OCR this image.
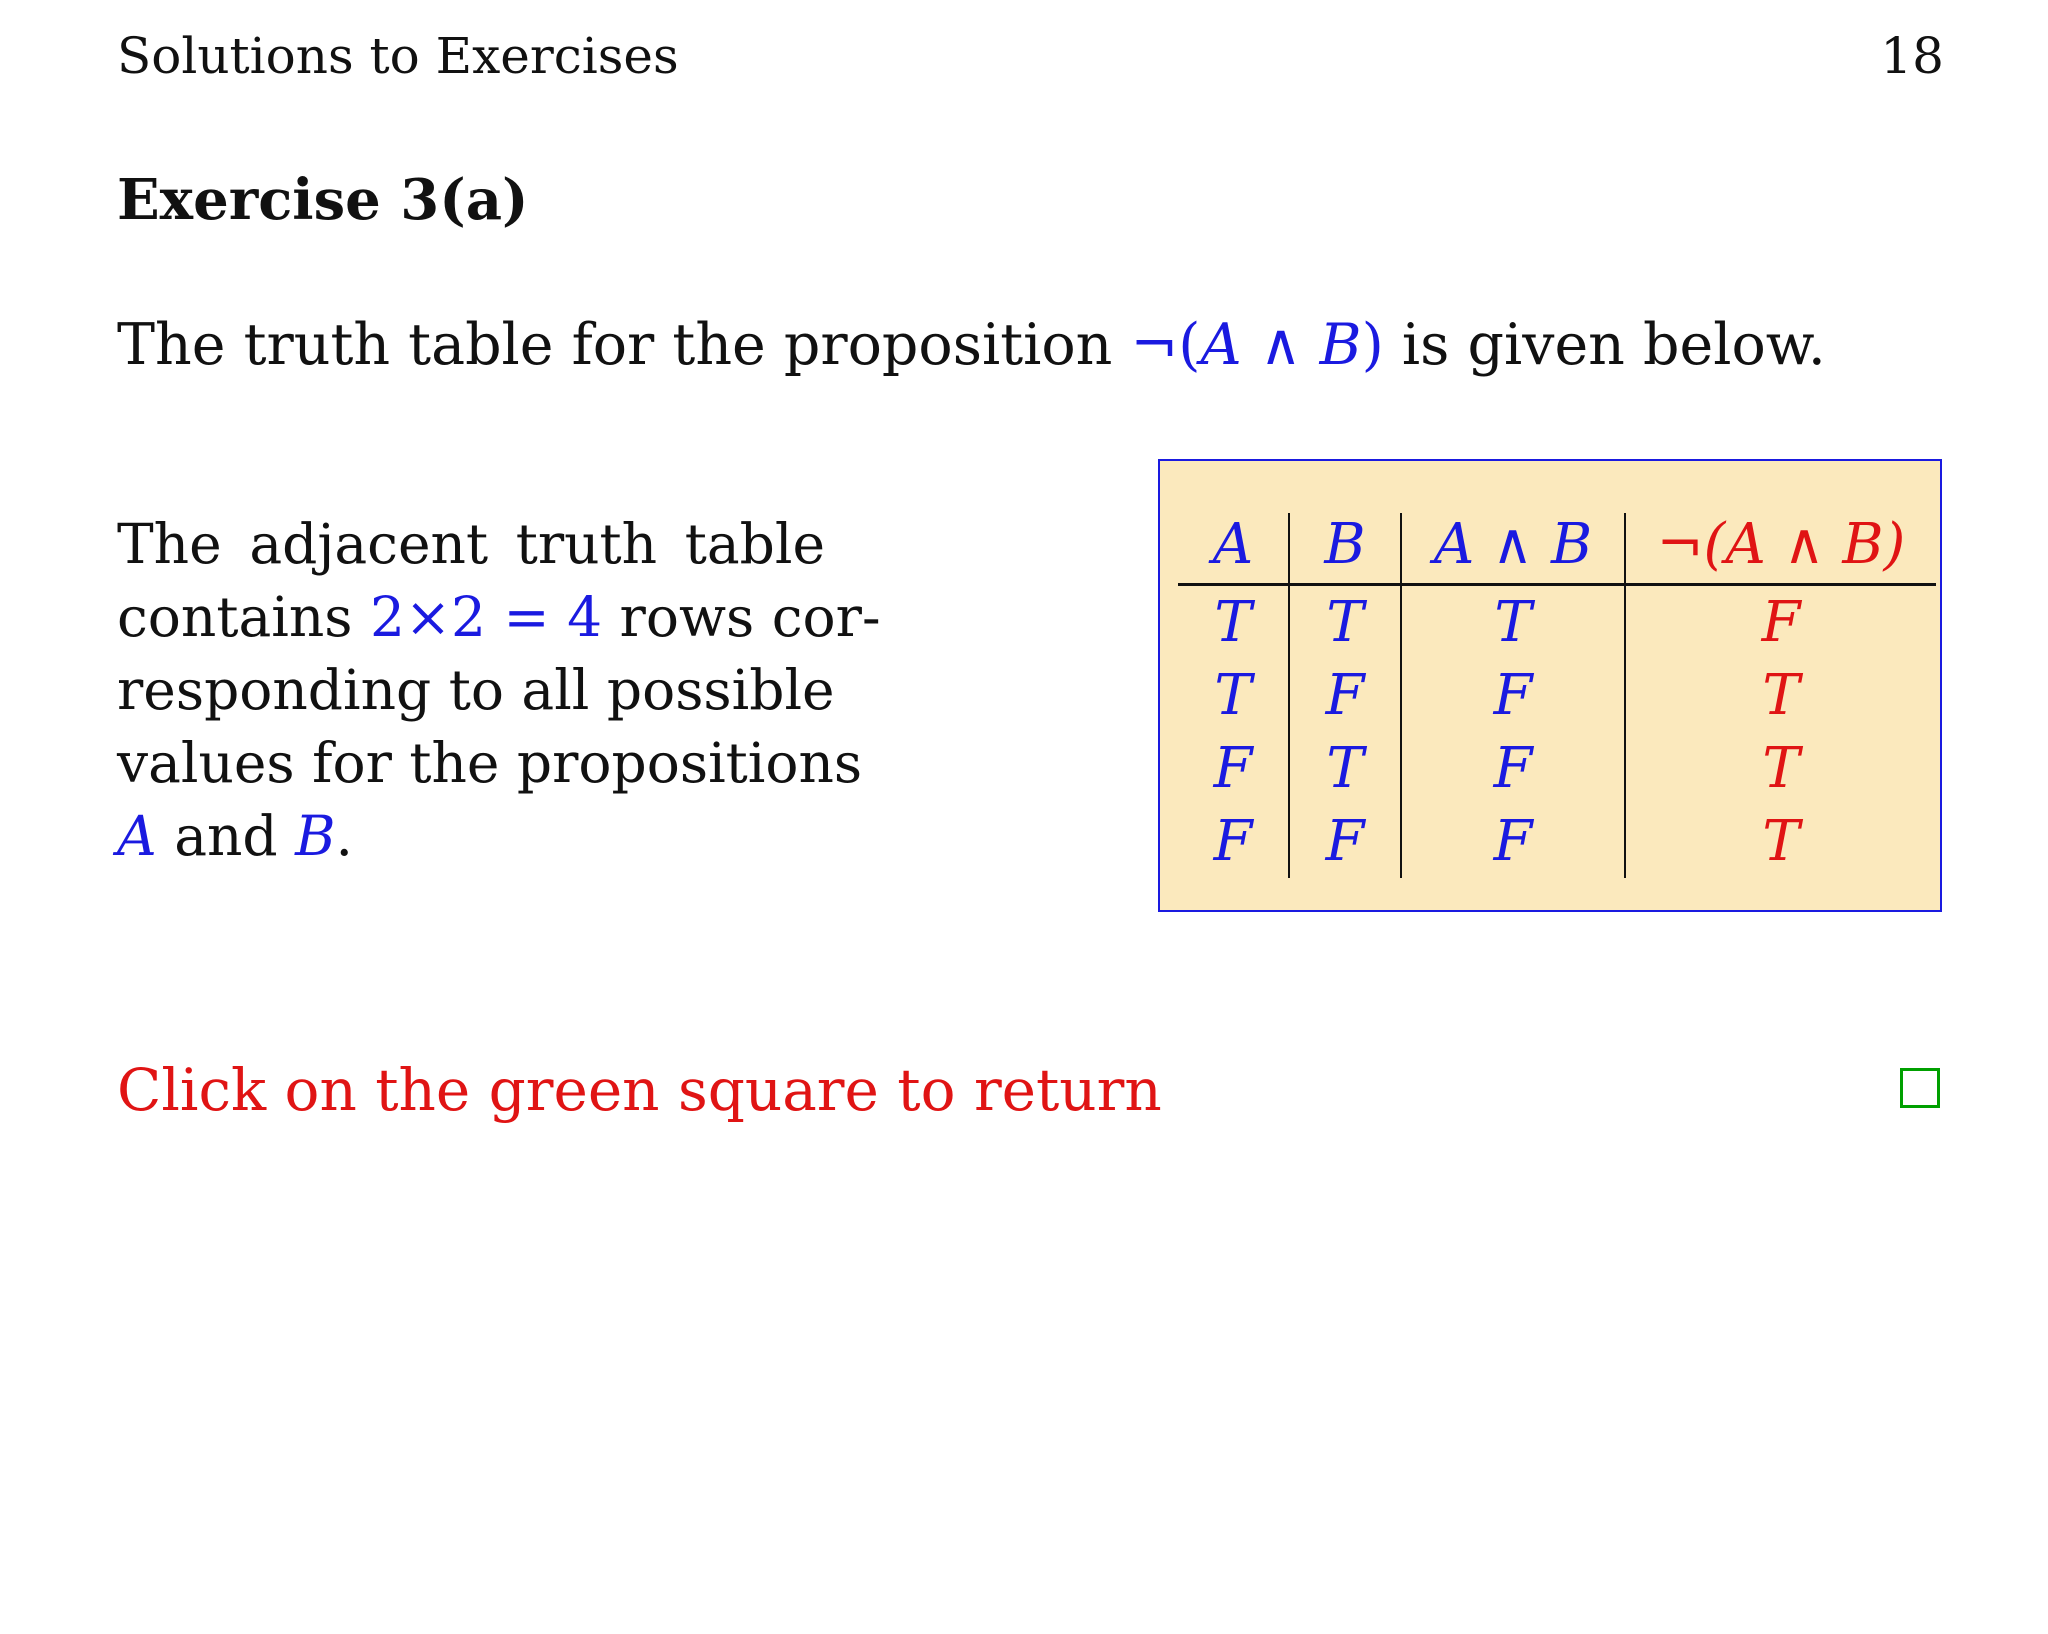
Solutions to Exercises	18
Exercise 3(a)
The truth table for the proposition ¬(A ∧ B) is given below.
The adjacent truth table
contains 2×2 = 4 rows cor-
responding to all possible
values for the propositions
A and B.
A	B	A ∧ B	¬(A ∧ B)
T	T	T	F
T	F	F	T
F	T	F	T
F	F	F	T
Click on the green square to return
